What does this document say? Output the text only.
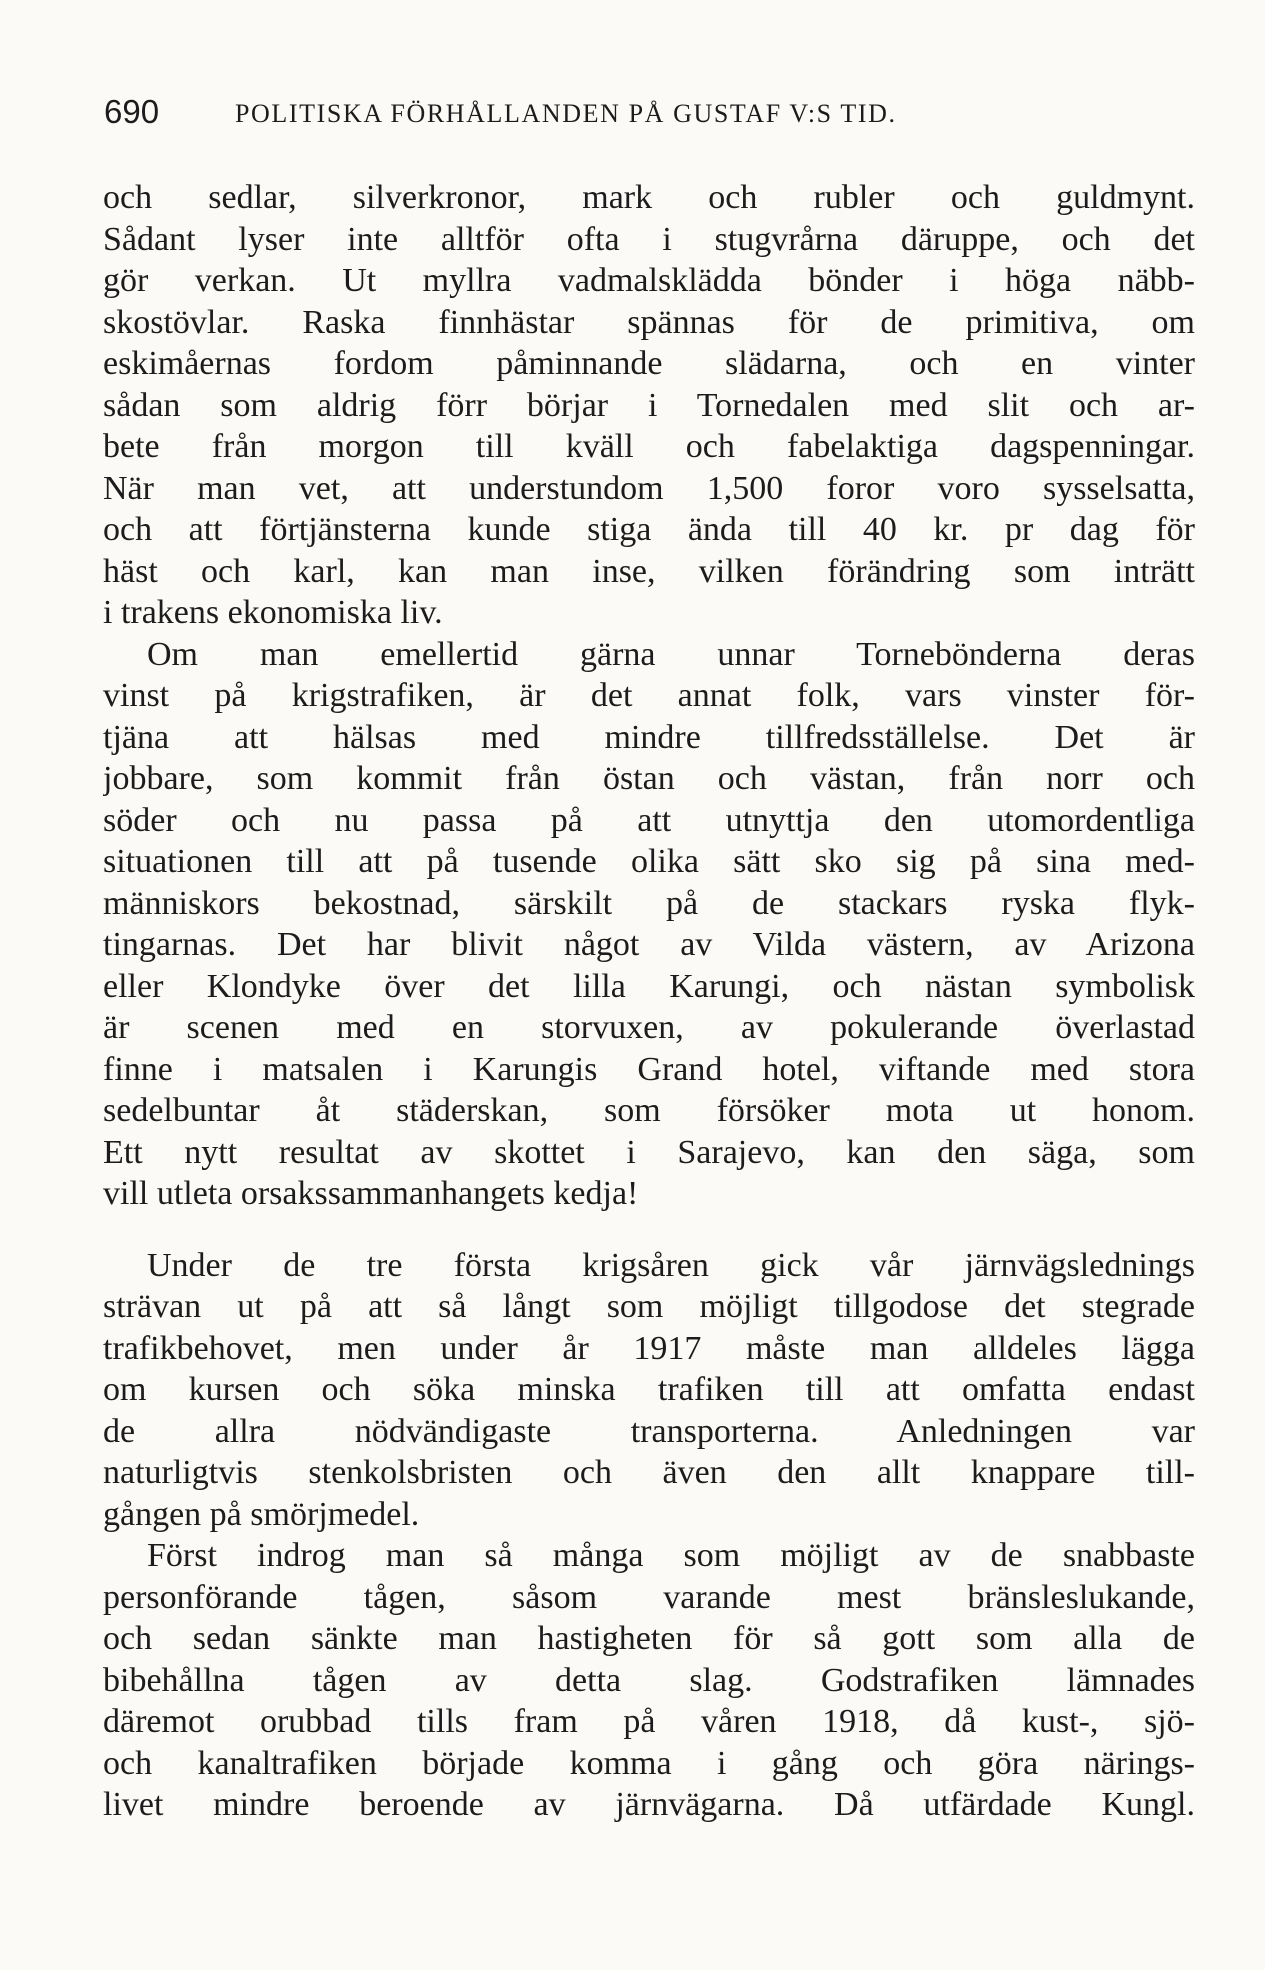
690	POLITISKA FÖRHÅLLANDEN PÅ GUSTAF V:S TID.
och sedlar, silverkronor, mark och rubler och guldmynt.
Sådant lyser inte alltför ofta i stugvrårna däruppe, och det
gör verkan. Ut myllra vadmalsklädda bönder i höga näbb-
skostövlar. Raska finnhästar spännas för de primitiva, om
eskimåernas fordom påminnande slädarna, och en vinter
sådan som aldrig förr börjar i Tornedalen med slit och ar-
bete från morgon till kväll och fabelaktiga dagspenningar.
När man vet, att understundom 1,500 foror voro sysselsatta,
och att förtjänsterna kunde stiga ända till 40 kr. pr dag för
häst och karl, kan man inse, vilken förändring som inträtt
i trakens ekonomiska liv.
Om man emellertid gärna unnar Tornebönderna deras
vinst på krigstrafiken, är det annat folk, vars vinster för-
tjäna att hälsas med mindre tillfredsställelse. Det är
jobbare, som kommit från östan och västan, från norr och
söder och nu passa på att utnyttja den utomordentliga
situationen till att på tusende olika sätt sko sig på sina med-
människors bekostnad, särskilt på de stackars ryska flyk-
tingarnas. Det har blivit något av Vilda västern, av Arizona
eller Klondyke över det lilla Karungi, och nästan symbolisk
är scenen med en storvuxen, av pokulerande överlastad
finne i matsalen i Karungis Grand hotel, viftande med stora
sedelbuntar åt städerskan, som försöker mota ut honom.
Ett nytt resultat av skottet i Sarajevo, kan den säga, som
vill utleta orsakssammanhangets kedja!
Under de tre första krigsåren gick vår järnvägslednings
strävan ut på att så långt som möjligt tillgodose det stegrade
trafikbehovet, men under år 1917 måste man alldeles lägga
om kursen och söka minska trafiken till att omfatta endast
de allra nödvändigaste transporterna. Anledningen var
naturligtvis stenkolsbristen och även den allt knappare till-
gången på smörjmedel.
Först indrog man så många som möjligt av de snabbaste
personförande tågen, såsom varande mest bränsleslukande,
och sedan sänkte man hastigheten för så gott som alla de
bibehållna tågen av detta slag. Godstrafiken lämnades
däremot orubbad tills fram på våren 1918, då kust-, sjö-
och kanaltrafiken började komma i gång och göra närings-
livet mindre beroende av järnvägarna. Då utfärdade Kungl.
